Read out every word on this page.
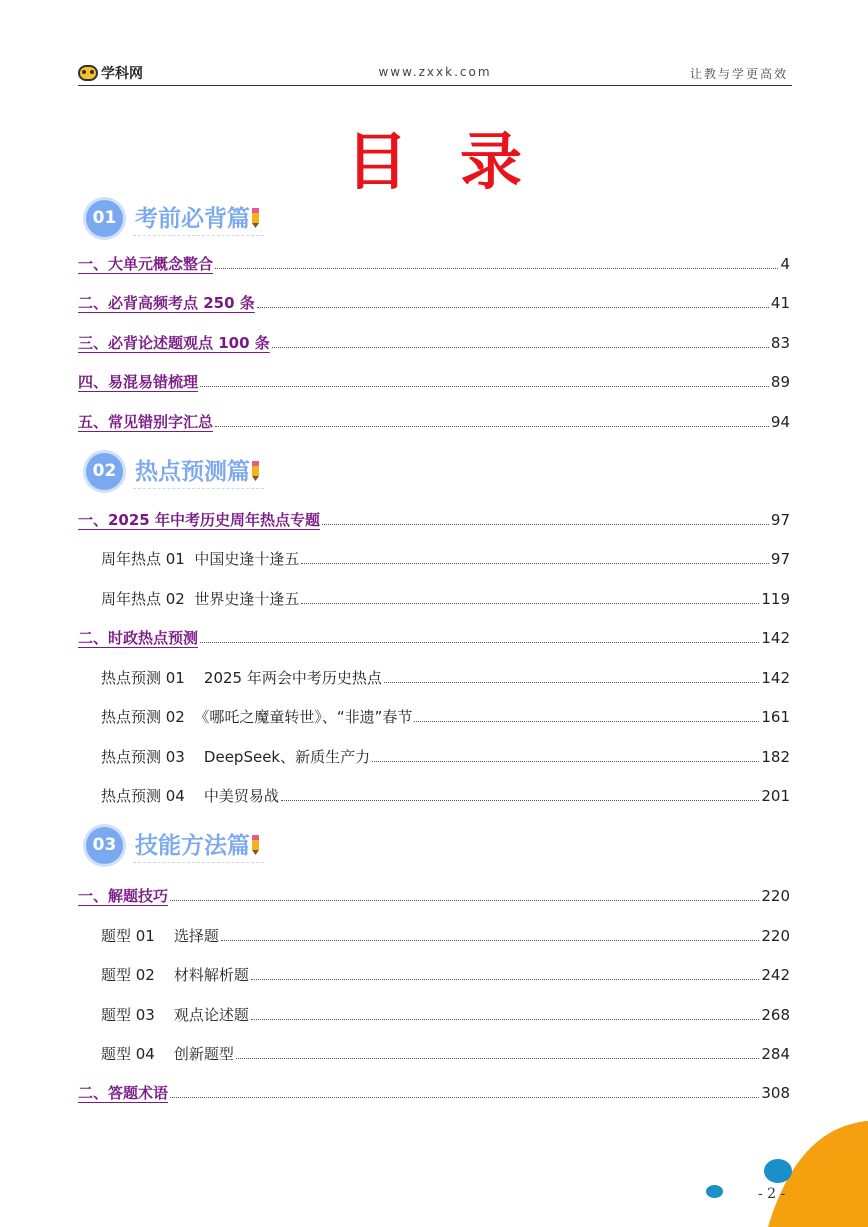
学科网	www.zxxk.com	让教与学更高效
目录
01 考前必背篇
一、大单元概念整合	4
二、必背高频考点 250 条	41
三、必背论述题观点 100 条	83
四、易混易错梳理	89
五、常见错别字汇总	94
02 热点预测篇
一、2025 年中考历史周年热点专题	97
周年热点 01  中国史逢十逢五	97
周年热点 02  世界史逢十逢五	119
二、时政热点预测	142
热点预测 01    2025 年两会中考历史热点	142
热点预测 02  《哪吒之魔童转世》、“非遗”春节	161
热点预测 03    DeepSeek、新质生产力	182
热点预测 04    中美贸易战	201
03 技能方法篇
一、解题技巧	220
题型 01    选择题	220
题型 02    材料解析题	242
题型 03    观点论述题	268
题型 04    创新题型	284
二、答题术语	308
- 2 -
